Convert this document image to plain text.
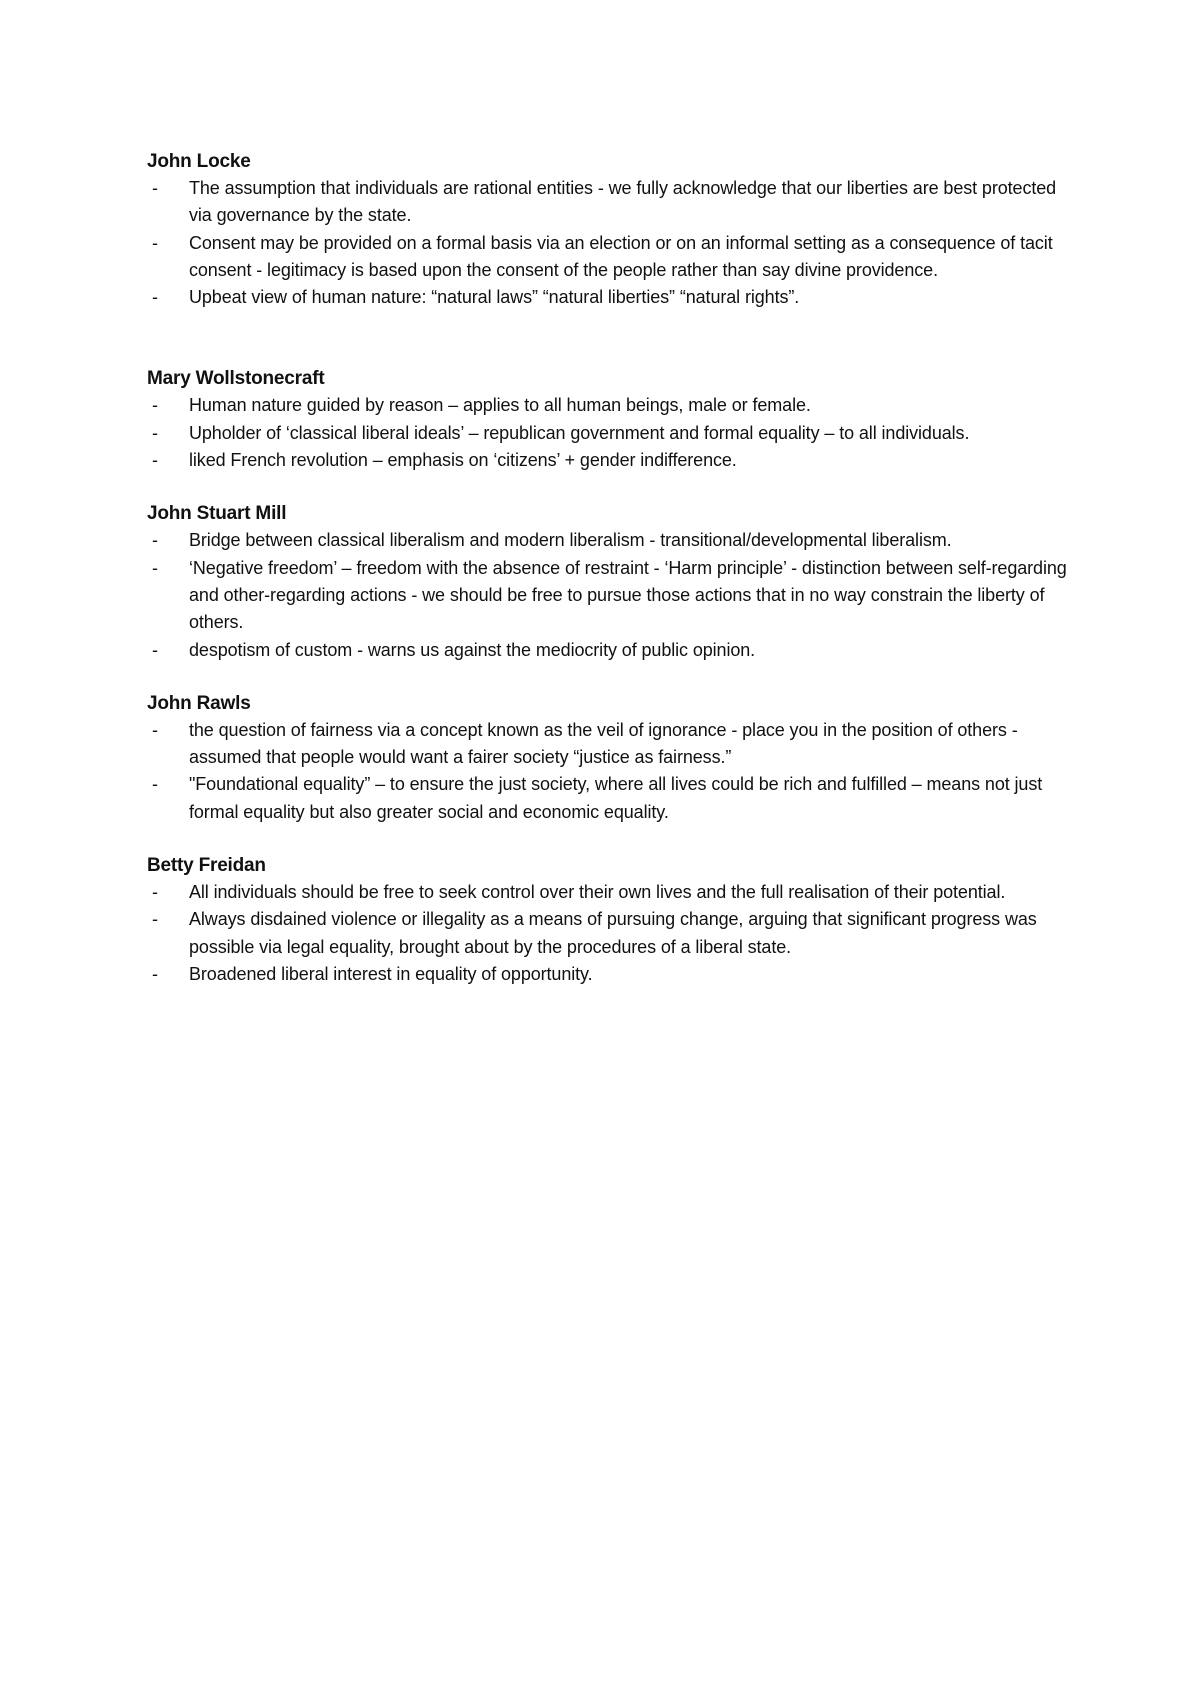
John Locke
- The assumption that individuals are rational entities - we fully acknowledge that our liberties are best protected via governance by the state.
- Consent may be provided on a formal basis via an election or on an informal setting as a consequence of tacit consent - legitimacy is based upon the consent of the people rather than say divine providence.
- Upbeat view of human nature: “natural laws” “natural liberties” “natural rights”.
Mary Wollstonecraft
- Human nature guided by reason – applies to all human beings, male or female.
- Upholder of ‘classical liberal ideals’ – republican government and formal equality – to all individuals.
- liked French revolution – emphasis on ‘citizens’ + gender indifference.
John Stuart Mill
- Bridge between classical liberalism and modern liberalism - transitional/developmental liberalism.
- ‘Negative freedom’ – freedom with the absence of restraint - ‘Harm principle’ - distinction between self-regarding and other-regarding actions - we should be free to pursue those actions that in no way constrain the liberty of others.
- despotism of custom - warns us against the mediocrity of public opinion.
John Rawls
- the question of fairness via a concept known as the veil of ignorance - place you in the position of others - assumed that people would want a fairer society “justice as fairness.”
- "Foundational equality” – to ensure the just society, where all lives could be rich and fulfilled – means not just formal equality but also greater social and economic equality.
Betty Freidan
- All individuals should be free to seek control over their own lives and the full realisation of their potential.
- Always disdained violence or illegality as a means of pursuing change, arguing that significant progress was possible via legal equality, brought about by the procedures of a liberal state.
- Broadened liberal interest in equality of opportunity.
